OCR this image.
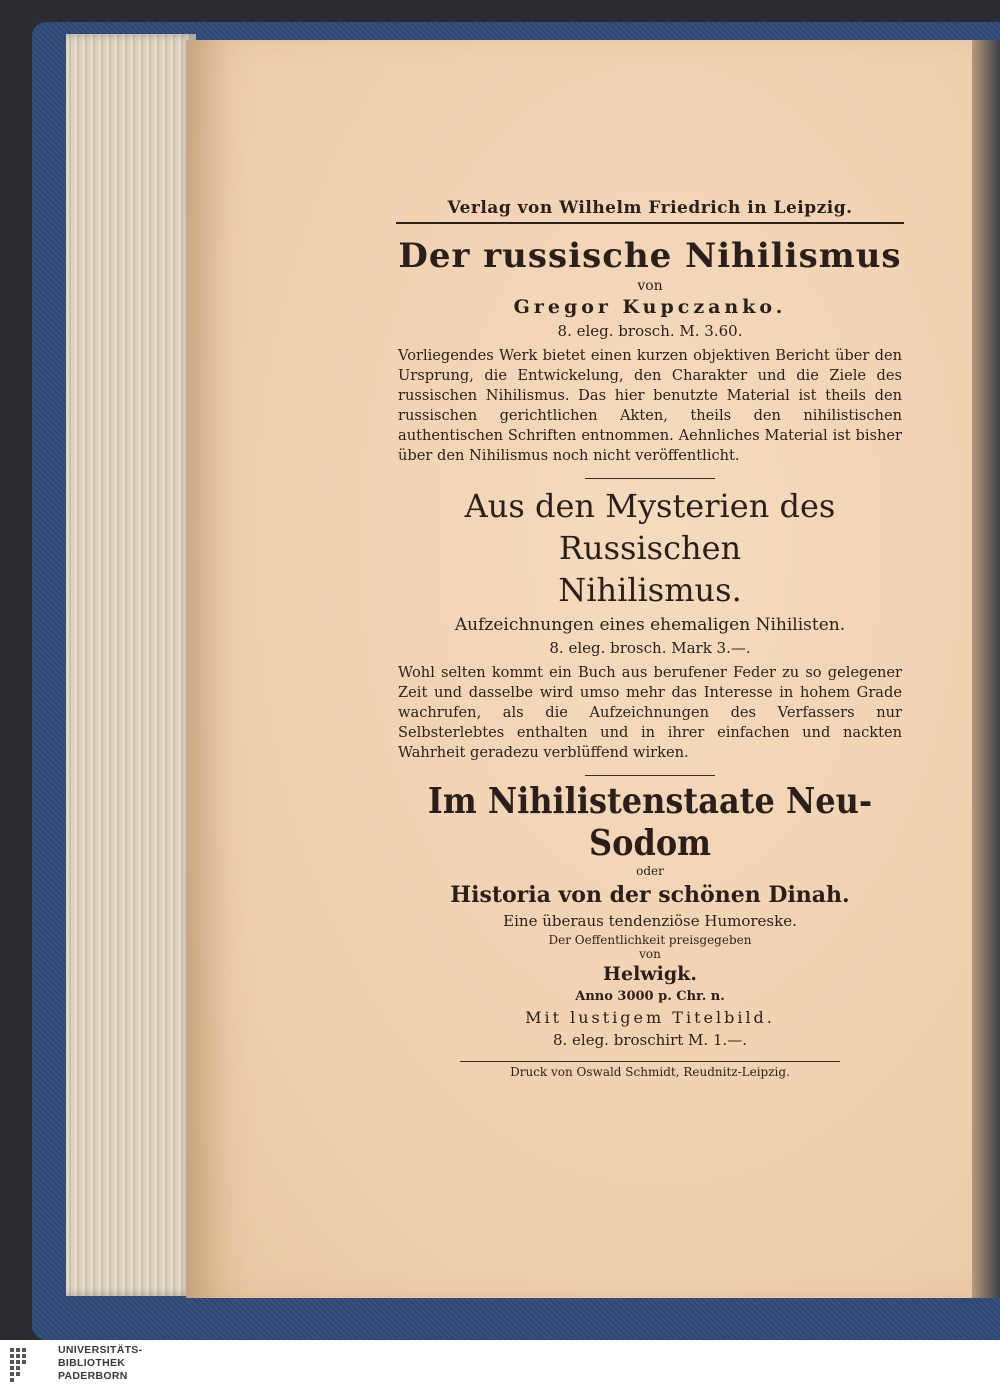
Verlag von Wilhelm Friedrich in Leipzig.
Der russische Nihilismus
von
Gregor Kupczanko.
8. eleg. brosch. M. 3.60.
Vorliegendes Werk bietet einen kurzen objektiven Bericht über den Ursprung, die Entwickelung, den Charakter und die Ziele des russischen Nihilismus. Das hier benutzte Material ist theils den russischen gerichtlichen Akten, theils den nihilistischen authentischen Schriften entnommen. Aehnliches Material ist bisher über den Nihilismus noch nicht veröffentlicht.
Aus den Mysterien des Russischen
Nihilismus.
Aufzeichnungen eines ehemaligen Nihilisten.
8. eleg. brosch. Mark 3.—.
Wohl selten kommt ein Buch aus berufener Feder zu so gelegener Zeit und dasselbe wird umso mehr das Interesse in hohem Grade wachrufen, als die Aufzeichnungen des Verfassers nur Selbsterlebtes enthalten und in ihrer einfachen und nackten Wahrheit geradezu verblüffend wirken.
Im Nihilistenstaate Neu-Sodom
oder
Historia von der schönen Dinah.
Eine überaus tendenziöse Humoreske.
Der Oeffentlichkeit preisgegeben
von
Helwigk.
Anno 3000 p. Chr. n.
Mit lustigem Titelbild.
8. eleg. broschirt M. 1.—.
Druck von Oswald Schmidt, Reudnitz-Leipzig.
UNIVERSITÄTS-
BIBLIOTHEK
PADERBORN
